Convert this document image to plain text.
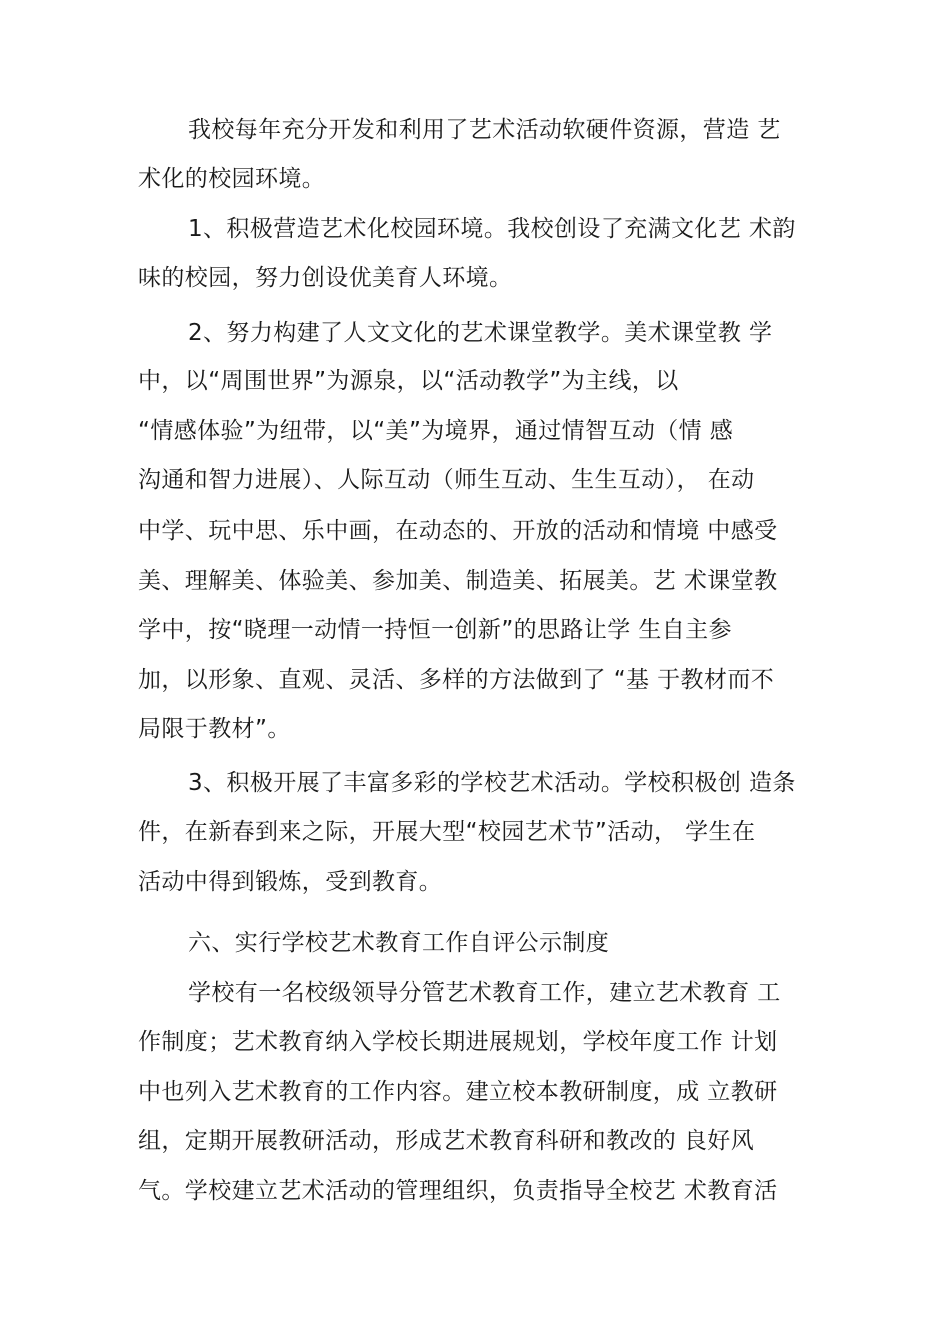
我校每年充分开发和利用了艺术活动软硬件资源，营造 艺
术化的校园环境。
1、积极营造艺术化校园环境。我校创设了充满文化艺 术韵
味的校园，努力创设优美育人环境。
2、努力构建了人文文化的艺术课堂教学。美术课堂教 学
中，以“周围世界”为源泉，以“活动教学”为主线，以
“情感体验”为纽带，以“美”为境界，通过情智互动（情 感
沟通和智力进展）、人际互动（师生互动、生生互动）， 在动
中学、玩中思、乐中画，在动态的、开放的活动和情境 中感受
美、理解美、体验美、参加美、制造美、拓展美。艺 术课堂教
学中，按“晓理一动情一持恒一创新”的思路让学 生自主参
加，以形象、直观、灵活、多样的方法做到了 “基 于教材而不
局限于教材”。
3、积极开展了丰富多彩的学校艺术活动。学校积极创 造条
件，在新春到来之际，开展大型“校园艺术节”活动， 学生在
活动中得到锻炼，受到教育。
六、实行学校艺术教育工作自评公示制度
学校有一名校级领导分管艺术教育工作，建立艺术教育 工
作制度；艺术教育纳入学校长期进展规划，学校年度工作 计划
中也列入艺术教育的工作内容。建立校本教研制度，成 立教研
组，定期开展教研活动，形成艺术教育科研和教改的 良好风
气。学校建立艺术活动的管理组织，负责指导全校艺 术教育活
